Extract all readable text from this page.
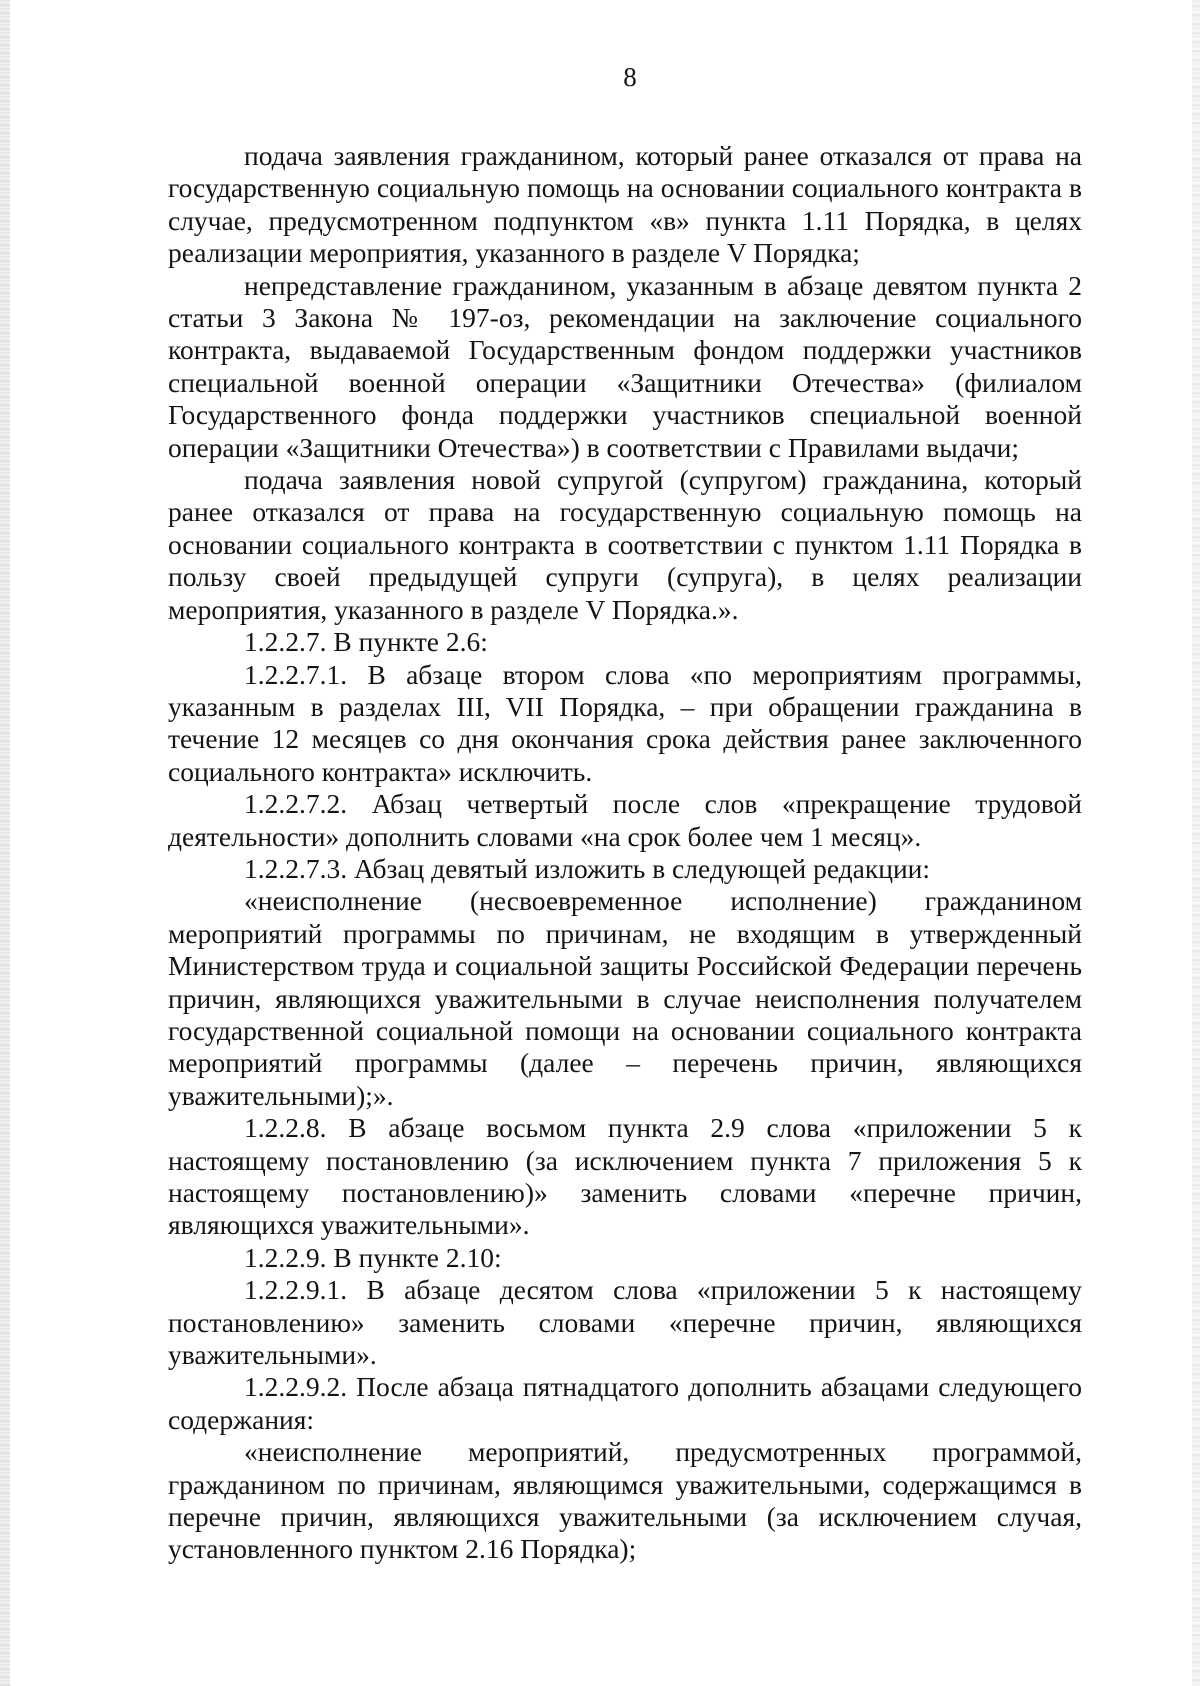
8

подача заявления гражданином, который ранее отказался от права на государственную социальную помощь на основании социального контракта в случае, предусмотренном подпунктом «в» пункта 1.11 Порядка, в целях реализации мероприятия, указанного в разделе V Порядка;

непредставление гражданином, указанным в абзаце девятом пункта 2 статьи 3 Закона № 197-оз, рекомендации на заключение социального контракта, выдаваемой Государственным фондом поддержки участников специальной военной операции «Защитники Отечества» (филиалом Государственного фонда поддержки участников специальной военной операции «Защитники Отечества») в соответствии с Правилами выдачи;

подача заявления новой супругой (супругом) гражданина, который ранее отказался от права на государственную социальную помощь на основании социального контракта в соответствии с пунктом 1.11 Порядка в пользу своей предыдущей супруги (супруга), в целях реализации мероприятия, указанного в разделе V Порядка.».

1.2.2.7. В пункте 2.6:

1.2.2.7.1. В абзаце втором слова «по мероприятиям программы, указанным в разделах III, VII Порядка, – при обращении гражданина в течение 12 месяцев со дня окончания срока действия ранее заключенного социального контракта» исключить.

1.2.2.7.2. Абзац четвертый после слов «прекращение трудовой деятельности» дополнить словами «на срок более чем 1 месяц».

1.2.2.7.3. Абзац девятый изложить в следующей редакции:

«неисполнение (несвоевременное исполнение) гражданином мероприятий программы по причинам, не входящим в утвержденный Министерством труда и социальной защиты Российской Федерации перечень причин, являющихся уважительными в случае неисполнения получателем государственной социальной помощи на основании социального контракта мероприятий программы (далее – перечень причин, являющихся уважительными);».

1.2.2.8. В абзаце восьмом пункта 2.9 слова «приложении 5 к настоящему постановлению (за исключением пункта 7 приложения 5 к настоящему постановлению)» заменить словами «перечне причин, являющихся уважительными».

1.2.2.9. В пункте 2.10:

1.2.2.9.1. В абзаце десятом слова «приложении 5 к настоящему постановлению» заменить словами «перечне причин, являющихся уважительными».

1.2.2.9.2. После абзаца пятнадцатого дополнить абзацами следующего содержания:

«неисполнение мероприятий, предусмотренных программой, гражданином по причинам, являющимся уважительными, содержащимся в перечне причин, являющихся уважительными (за исключением случая, установленного пунктом 2.16 Порядка);
